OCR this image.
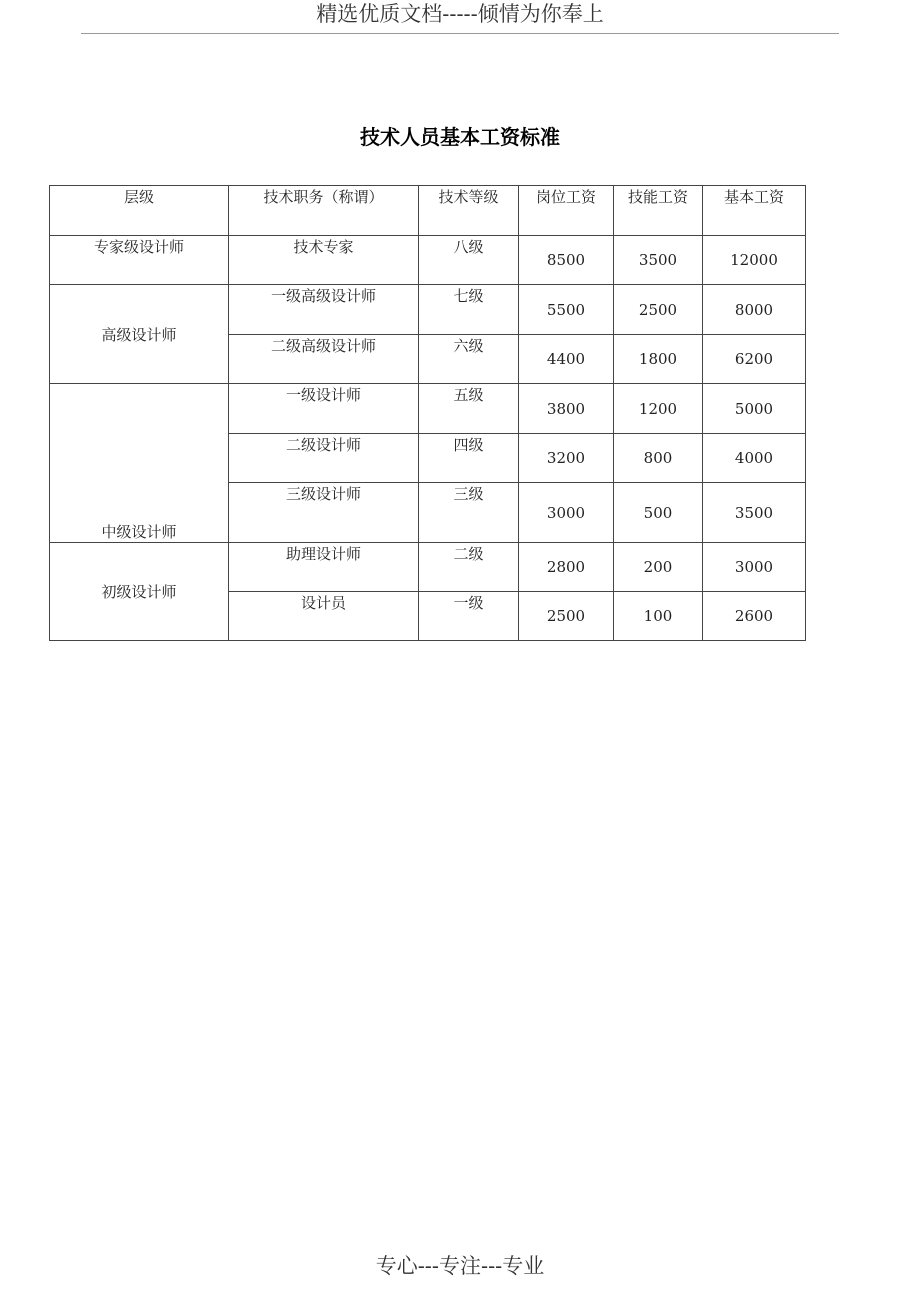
精选优质文档-----倾情为你奉上
技术人员基本工资标准
层级	技术职务（称谓）	技术等级	岗位工资	技能工资	基本工资
专家级设计师	技术专家	八级	8500	3500	12000
高级设计师	一级高级设计师	七级	5500	2500	8000
	二级高级设计师	六级	4400	1800	6200
中级设计师	一级设计师	五级	3800	1200	5000
	二级设计师	四级	3200	800	4000
	三级设计师	三级	3000	500	3500
初级设计师	助理设计师	二级	2800	200	3000
	设计员	一级	2500	100	2600
专心---专注---专业
